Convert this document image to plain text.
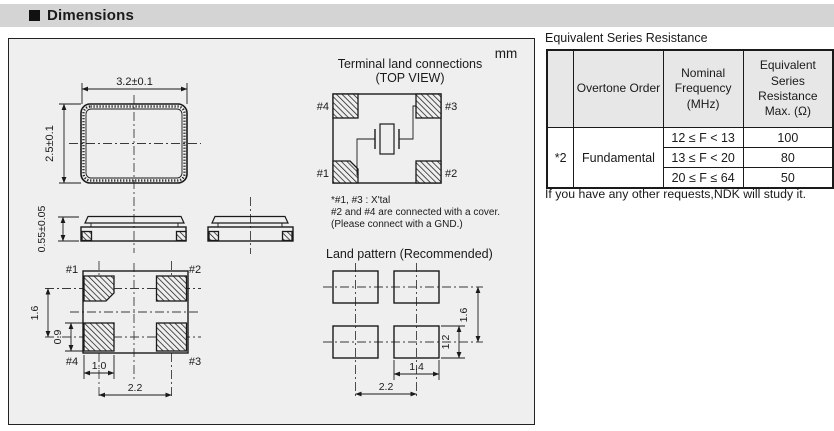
Dimensions
3.2±0.1
2.5±0.1
0.55±0.05
#1	#2
#4	#3
1.6
0.9
1.0
2.2
mm
Terminal land connections
(TOP VIEW)
#4	#3
#1	#2
*#1, #3 : X'tal
#2 and #4 are connected with a cover.
(Please connect with a GND.)
Land pattern (Recommended)
1.6
1.2
1.4
2.2
Equivalent Series Resistance
	Overtone Order	Nominal Frequency (MHz)	Equivalent Series Resistance Max. (Ω)
*2	Fundamental	12 ≤ F < 13	100
		13 ≤ F < 20	80
		20 ≤ F ≤ 64	50
If you have any other requests,NDK will study it.
